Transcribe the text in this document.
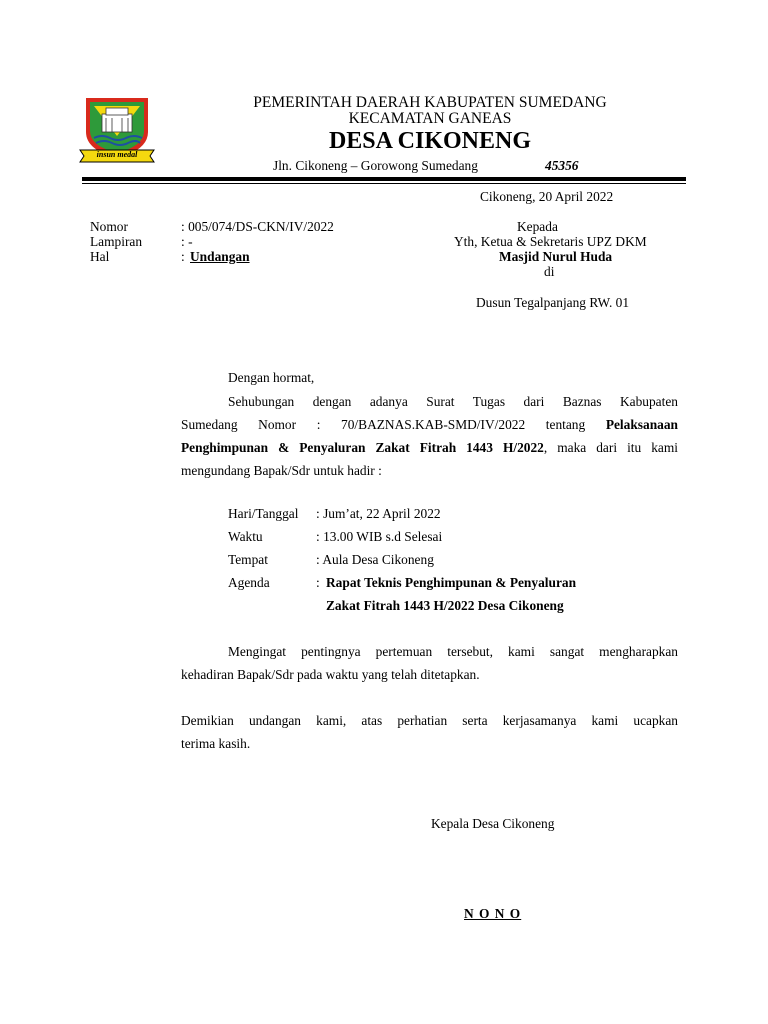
insun medal
PEMERINTAH DAERAH KABUPATEN SUMEDANG
KECAMATAN GANEAS
DESA CIKONENG
Jln. Cikoneng – Gorowong Sumedang	45356
Cikoneng, 20 April 2022
Nomor	: 005/074/DS-CKN/IV/2022
Lampiran	: -
Hal	: Undangan
Kepada
Yth, Ketua & Sekretaris UPZ DKM
Masjid Nurul Huda
di
Dusun Tegalpanjang RW. 01
Dengan hormat,
Sehubungan dengan adanya Surat Tugas dari Baznas Kabupaten
Sumedang Nomor : 70/BAZNAS.KAB-SMD/IV/2022 tentang Pelaksanaan
Penghimpunan & Penyaluran Zakat Fitrah 1443 H/2022, maka dari itu kami
mengundang Bapak/Sdr untuk hadir :
Hari/Tanggal : Jum’at, 22 April 2022
Waktu	: 13.00 WIB s.d Selesai
Tempat	: Aula Desa Cikoneng
Agenda	: Rapat Teknis Penghimpunan & Penyaluran
Zakat Fitrah 1443 H/2022 Desa Cikoneng
Mengingat pentingnya pertemuan tersebut, kami sangat mengharapkan
kehadiran Bapak/Sdr pada waktu yang telah ditetapkan.
Demikian undangan kami, atas perhatian serta kerjasamanya kami ucapkan
terima kasih.
Kepala Desa Cikoneng
N O N O
